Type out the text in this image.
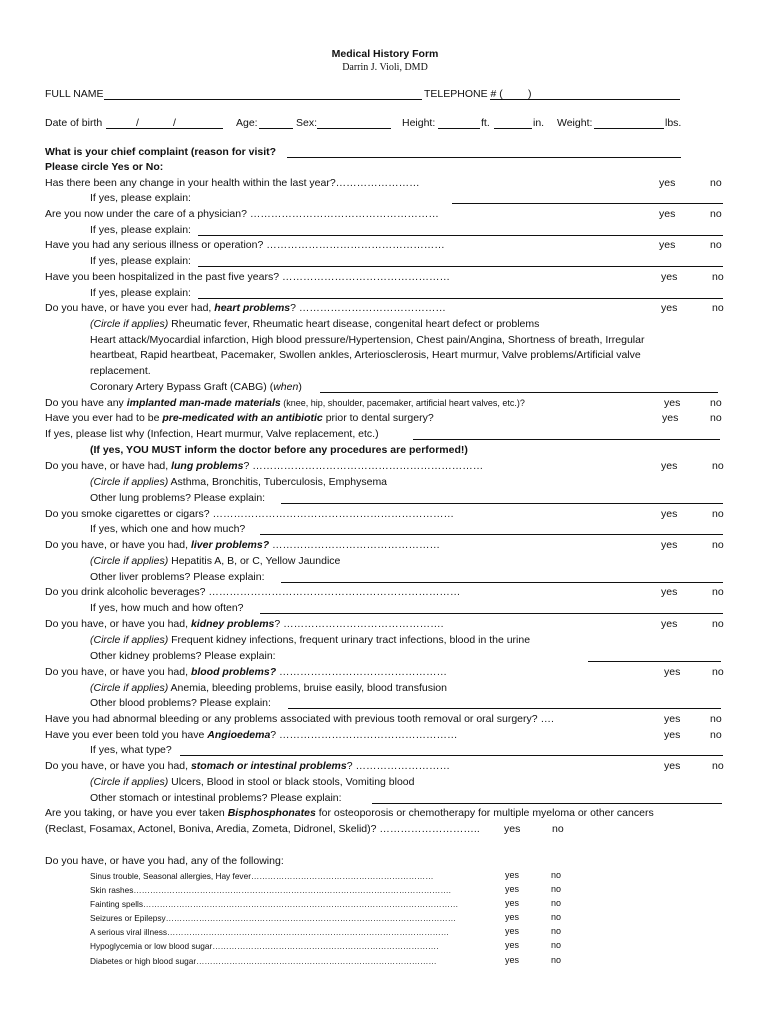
Medical History Form
Darrin J. Violi, DMD
FULL NAME	TELEPHONE # ( )
Date of birth	/	/	Age:	Sex:	Height:	ft.	in. Weight:	lbs.
What is your chief complaint (reason for visit?
Please circle Yes or No:
Has there been any change in your health within the last year?……………………	yes	no
If yes, please explain:
Are you now under the care of a physician? ………………………………………………	yes	no
If yes, please explain:
Have you had any serious illness or operation? ……………………………………………	yes	no
If yes, please explain:
Have you been hospitalized in the past five years? …………………………………………	yes	no
If yes, please explain:
Do you have, or have you ever had, heart problems? ……………………………………	yes	no
(Circle if applies) Rheumatic fever, Rheumatic heart disease, congenital heart defect or problems
Heart attack/Myocardial infarction, High blood pressure/Hypertension, Chest pain/Angina, Shortness of breath, Irregular
heartbeat, Rapid heartbeat, Pacemaker, Swollen ankles, Arteriosclerosis, Heart murmur, Valve problems/Artificial valve
replacement.
Coronary Artery Bypass Graft (CABG) (when)
Do you have any implanted man-made materials (knee, hip, shoulder, pacemaker, artificial heart valves, etc.)?	yes	no
Have you ever had to be pre-medicated with an antibiotic prior to dental surgery?	yes	no
If yes, please list why (Infection, Heart murmur, Valve replacement, etc.)
(If yes, YOU MUST inform the doctor before any procedures are performed!)
Do you have, or have had, lung problems? …………………………………………………………	yes	no
(Circle if applies) Asthma, Bronchitis, Tuberculosis, Emphysema
Other lung problems? Please explain:
Do you smoke cigarettes or cigars? ……………………………………………………………	yes	no
If yes, which one and how much?
Do you have, or have you had, liver problems? …………………………………………	yes	no
(Circle if applies) Hepatitis A, B, or C, Yellow Jaundice
Other liver problems? Please explain:
Do you drink alcoholic beverages? ………………………………………………………………	yes	no
If yes, how much and how often?
Do you have, or have you had, kidney problems? ……………………………………….	yes	no
(Circle if applies) Frequent kidney infections, frequent urinary tract infections, blood in the urine
Other kidney problems? Please explain:
Do you have, or have you had, blood problems? …………………………………………	yes	no
(Circle if applies) Anemia, bleeding problems, bruise easily, blood transfusion
Other blood problems? Please explain:
Have you had abnormal bleeding or any problems associated with previous tooth removal or oral surgery? ….	yes	no
Have you ever been told you have Angioedema? ……………………………………………	yes	no
If yes, what type?
Do you have, or have you had, stomach or intestinal problems? ………………………	yes	no
(Circle if applies) Ulcers, Blood in stool or black stools, Vomiting blood
Other stomach or intestinal problems? Please explain:
Are you taking, or have you ever taken Bisphosphonates for osteoporosis or chemotherapy for multiple myeloma or other cancers
(Reclast, Fosamax, Actonel, Boniva, Aredia, Zometa, Didronel, Skelid)? ……………………….. yes	no
Do you have, or have you had, any of the following:
Sinus trouble, Seasonal allergies, Hay fever…………………………………………………………	yes	no
Skin rashes…………………………………………………………………………………………………….	yes	no
Fainting spells……………………………………………………………………………………………………	yes	no
Seizures or Epilepsy……………………………………………………………………………………………	yes	no
A serious viral illness…………………………………………………………………………………………	yes	no
Hypoglycemia or low blood sugar……………………………………………………………………….	yes	no
Diabetes or high blood sugar……………………………………………………………………………	yes	no
